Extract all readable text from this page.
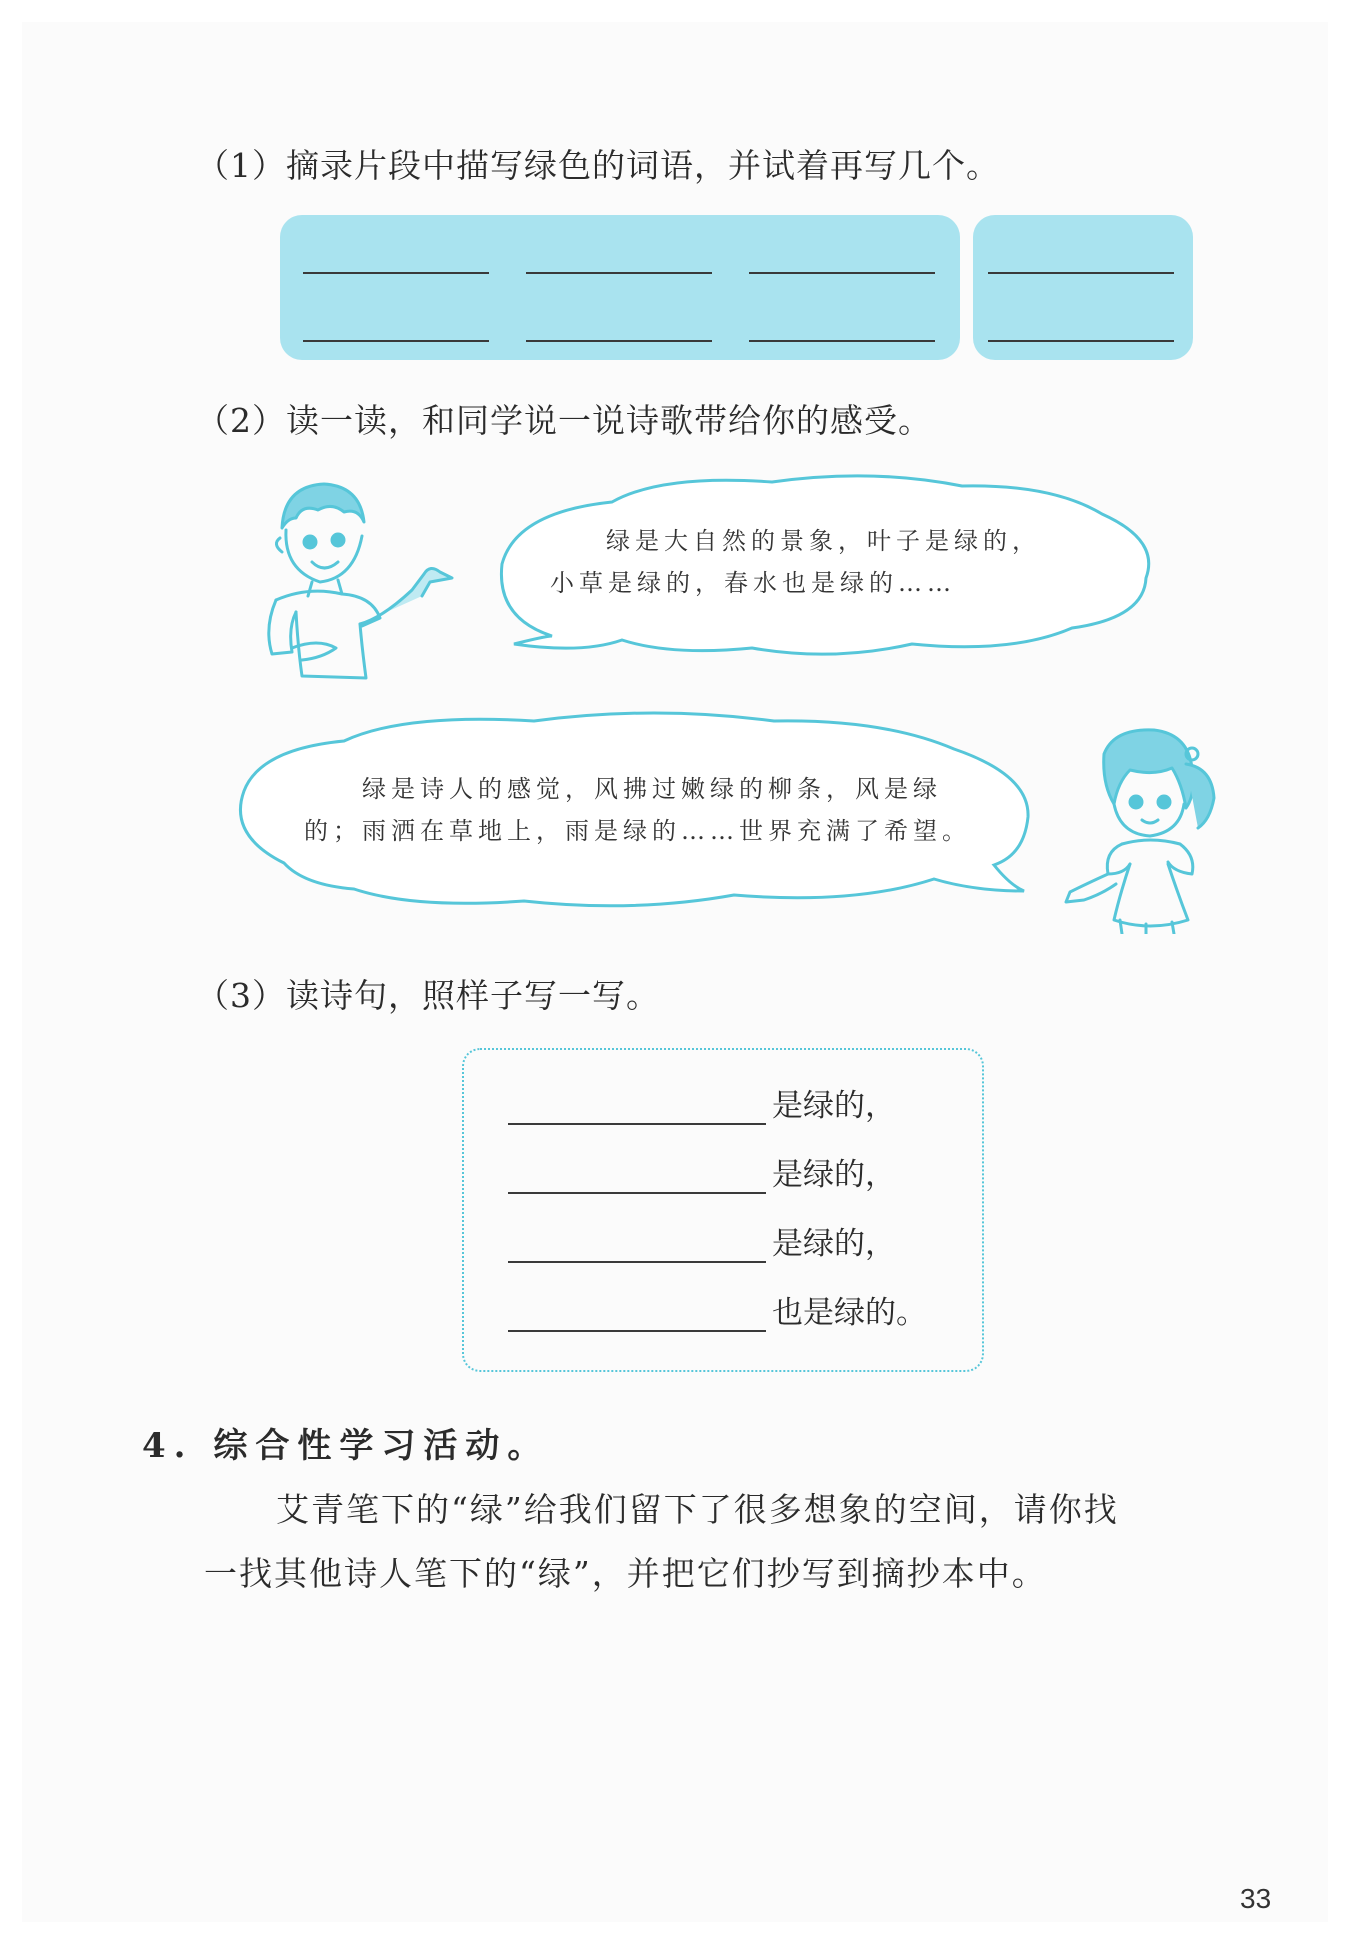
（1）摘录片段中描写绿色的词语，并试着再写几个。
（2）读一读，和同学说一说诗歌带给你的感受。
绿是大自然的景象，叶子是绿的，
小草是绿的，春水也是绿的……
绿是诗人的感觉，风拂过嫩绿的柳条，风是绿
的；雨洒在草地上，雨是绿的……世界充满了希望。
（3）读诗句，照样子写一写。
是绿的，
是绿的，
是绿的，
也是绿的。
4. 综合性学习活动。
艾青笔下的“绿”给我们留下了很多想象的空间，请你找
一找其他诗人笔下的“绿”，并把它们抄写到摘抄本中。
33
